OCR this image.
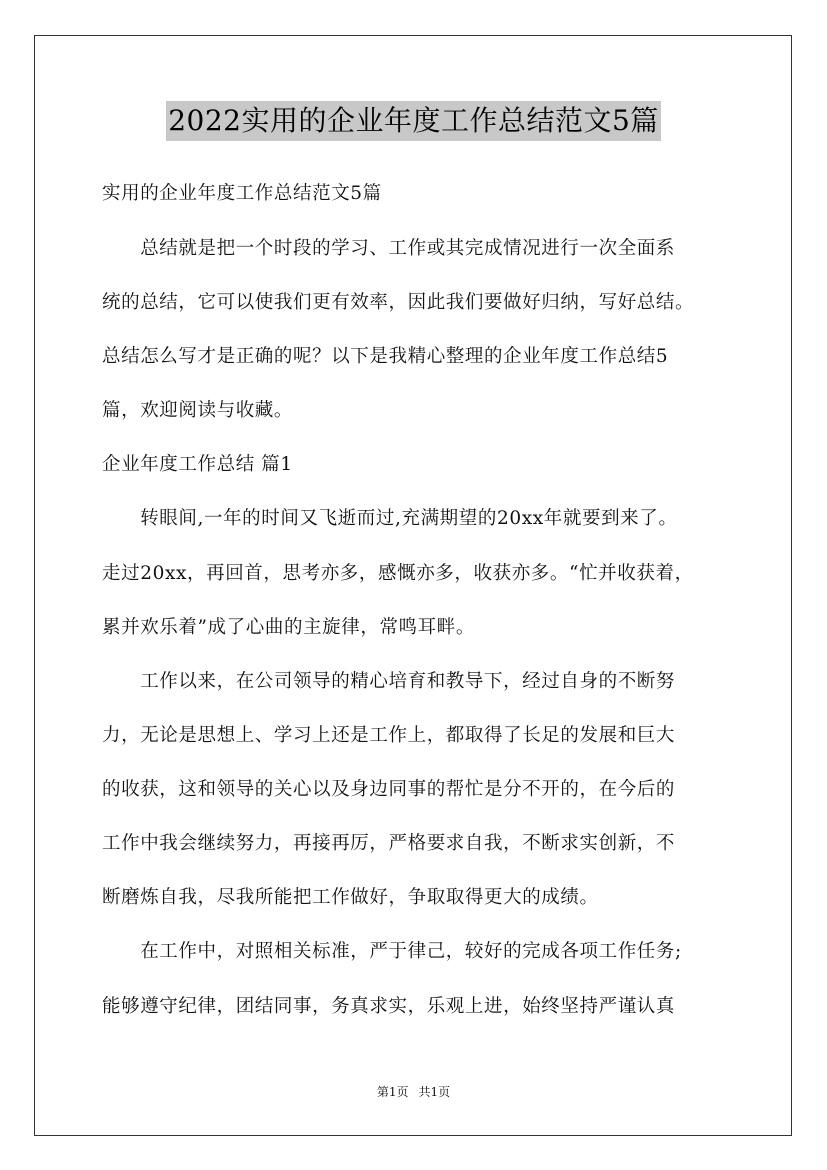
2022实用的企业年度工作总结范文5篇
实用的企业年度工作总结范文5篇
　　总结就是把一个时段的学习、工作或其完成情况进行一次全面系
统的总结，它可以使我们更有效率，因此我们要做好归纳，写好总结。
总结怎么写才是正确的呢？以下是我精心整理的企业年度工作总结5
篇，欢迎阅读与收藏。
企业年度工作总结 篇1
　　转眼间,一年的时间又飞逝而过,充满期望的20xx年就要到来了。
走过20xx，再回首，思考亦多，感慨亦多，收获亦多。“忙并收获着，
累并欢乐着”成了心曲的主旋律，常鸣耳畔。
　　工作以来，在公司领导的精心培育和教导下，经过自身的不断努
力，无论是思想上、学习上还是工作上，都取得了长足的发展和巨大
的收获，这和领导的关心以及身边同事的帮忙是分不开的，在今后的
工作中我会继续努力，再接再厉，严格要求自我，不断求实创新，不
断磨炼自我，尽我所能把工作做好，争取取得更大的成绩。
　　在工作中，对照相关标准，严于律己，较好的完成各项工作任务;
能够遵守纪律，团结同事，务真求实，乐观上进，始终坚持严谨认真
第1页 共1页
